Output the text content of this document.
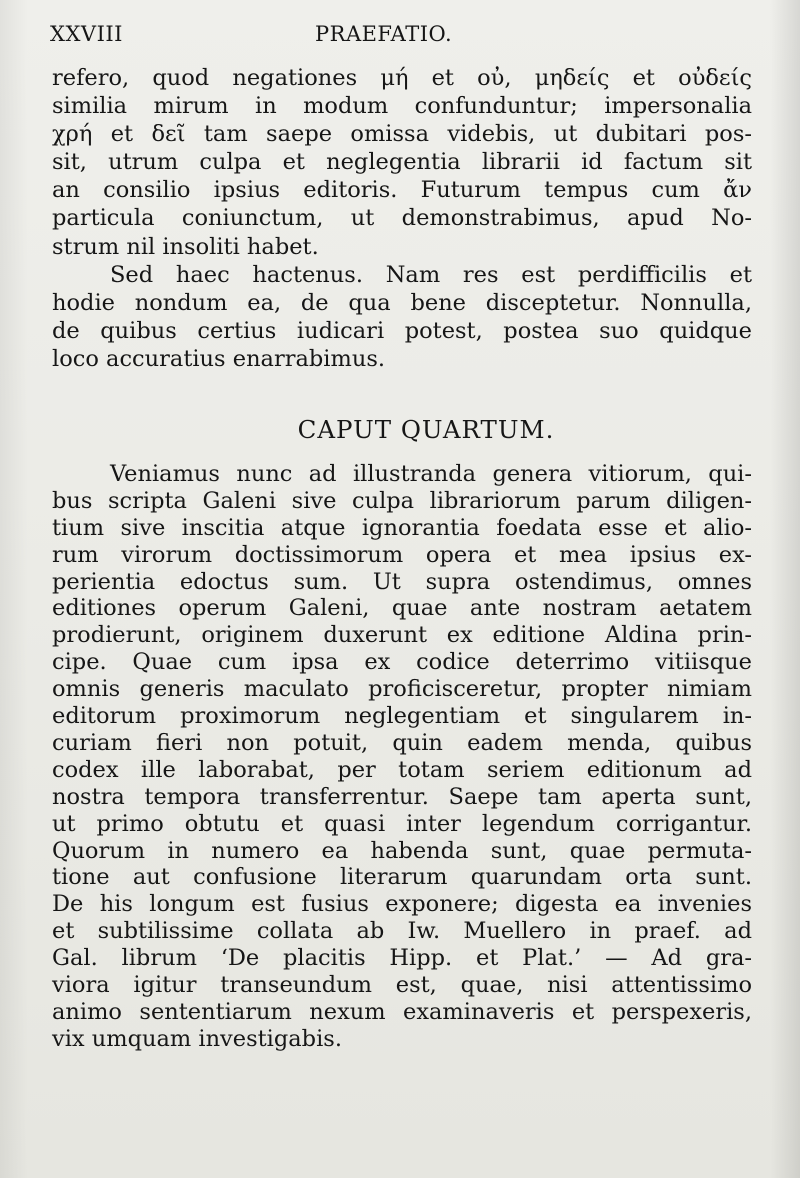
XXVIII	PRAEFATIO.
refero, quod negationes μή et οὐ, μηδείς et οὐδείς
similia mirum in modum confunduntur; impersonalia
χρή et δεῖ tam saepe omissa videbis, ut dubitari pos-
sit, utrum culpa et neglegentia librarii id factum sit
an consilio ipsius editoris. Futurum tempus cum ἄν
particula coniunctum, ut demonstrabimus, apud No-
strum nil insoliti habet.
Sed haec hactenus. Nam res est perdifficilis et
hodie nondum ea, de qua bene disceptetur. Nonnulla,
de quibus certius iudicari potest, postea suo quidque
loco accuratius enarrabimus.
CAPUT QUARTUM.
Veniamus nunc ad illustranda genera vitiorum, qui-
bus scripta Galeni sive culpa librariorum parum diligen-
tium sive inscitia atque ignorantia foedata esse et alio-
rum virorum doctissimorum opera et mea ipsius ex-
perientia edoctus sum. Ut supra ostendimus, omnes
editiones operum Galeni, quae ante nostram aetatem
prodierunt, originem duxerunt ex editione Aldina prin-
cipe. Quae cum ipsa ex codice deterrimo vitiisque
omnis generis maculato proficisceretur, propter nimiam
editorum proximorum neglegentiam et singularem in-
curiam fieri non potuit, quin eadem menda, quibus
codex ille laborabat, per totam seriem editionum ad
nostra tempora transferrentur. Saepe tam aperta sunt,
ut primo obtutu et quasi inter legendum corrigantur.
Quorum in numero ea habenda sunt, quae permuta-
tione aut confusione literarum quarundam orta sunt.
De his longum est fusius exponere; digesta ea invenies
et subtilissime collata ab Iw. Muellero in praef. ad
Gal. librum ‘De placitis Hipp. et Plat.’ — Ad gra-
viora igitur transeundum est, quae, nisi attentissimo
animo sententiarum nexum examinaveris et perspexeris,
vix umquam investigabis.
